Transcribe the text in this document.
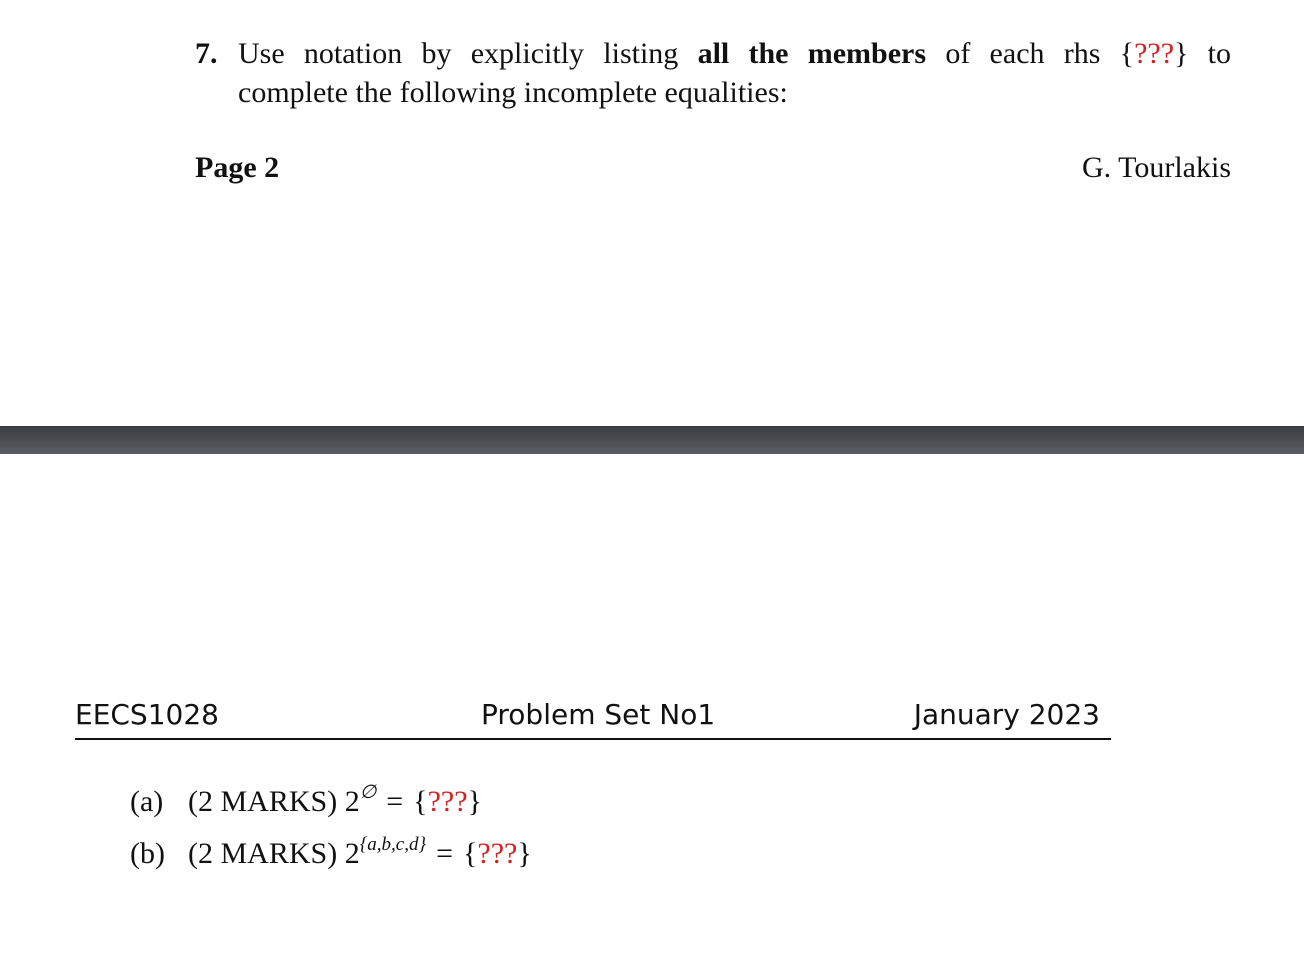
7. Use notation by explicitly listing all the members of each rhs {???} to
complete the following incomplete equalities:
Page 2	G. Tourlakis
EECS1028	Problem Set No1	January 2023
(a) (2 MARKS) 2∅ = {???}
(b) (2 MARKS) $2^{\{a,b,c,d\}}$ = {???}
